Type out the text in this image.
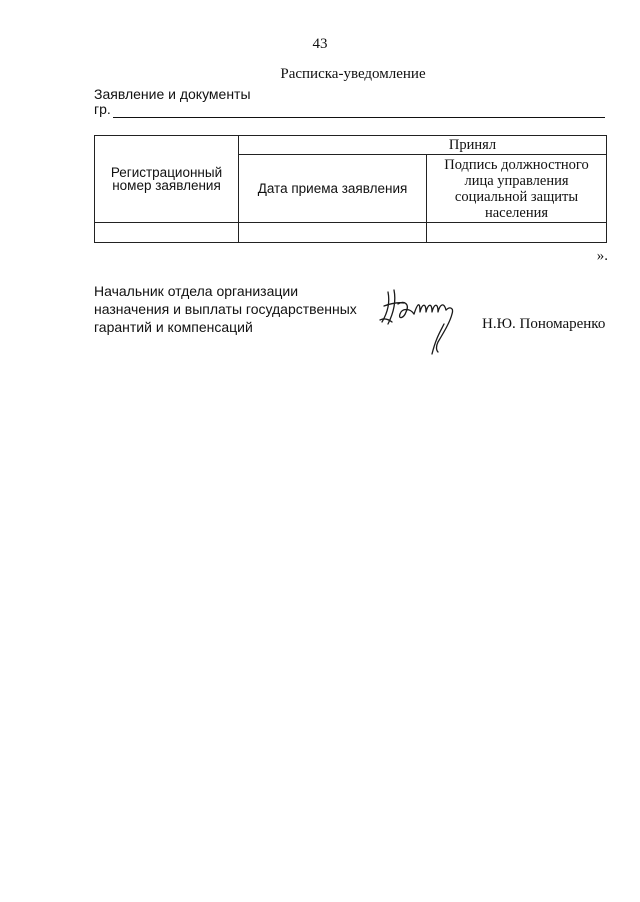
43
Расписка-уведомление
Заявление и документы
гр.
Регистрационный номер заявления	Принял	
	Дата приема заявления	Подпись должностного лица управления социальной защиты населения

».
Начальник отдела организации
назначения и выплаты государственных
гарантий и компенсаций	Н.Ю. Пономаренко
